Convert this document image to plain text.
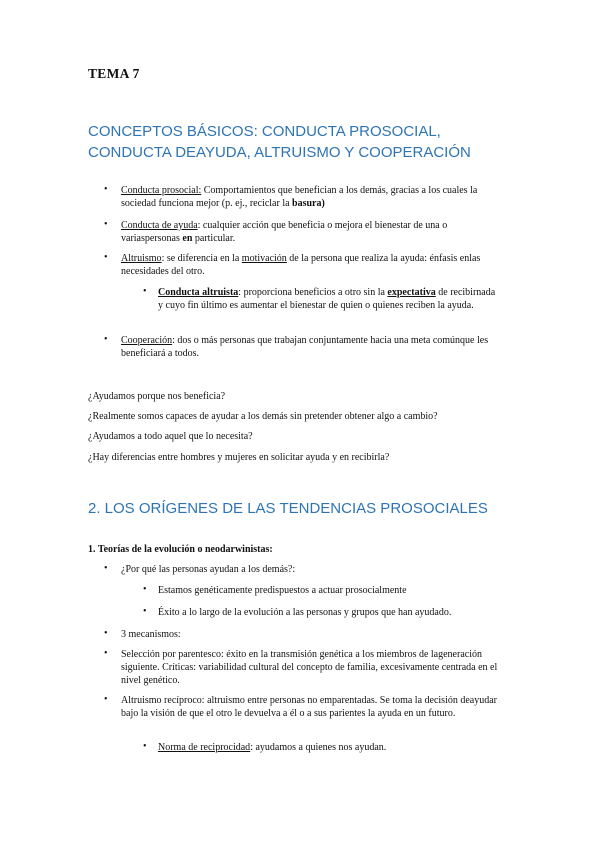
TEMA 7
CONCEPTOS BÁSICOS: CONDUCTA PROSOCIAL, CONDUCTA DEAYUDA, ALTRUISMO Y COOPERACIÓN
• Conducta prosocial: Comportamientos que benefician a los demás, gracias a los cuales la sociedad funciona mejor (p. ej., reciclar la basura)
• Conducta de ayuda: cualquier acción que beneficia o mejora el bienestar de una o variaspersonas en particular.
• Altruismo: se diferencia en la motivación de la persona que realiza la ayuda: énfasis enlas necesidades del otro.
• Conducta altruista: proporciona beneficios a otro sin la expectativa de recibirnada y cuyo fin último es aumentar el bienestar de quien o quienes reciben la ayuda.
• Cooperación: dos o más personas que trabajan conjuntamente hacia una meta comúnque les beneficiará a todos.
¿Ayudamos porque nos beneficia?
¿Realmente somos capaces de ayudar a los demás sin pretender obtener algo a cambio?
¿Ayudamos a todo aquel que lo necesita?
¿Hay diferencias entre hombres y mujeres en solicitar ayuda y en recibirla?
2. LOS ORÍGENES DE LAS TENDENCIAS PROSOCIALES
1. Teorías de la evolución o neodarwinistas:
• ¿Por qué las personas ayudan a los demás?:
• Estamos genéticamente predispuestos a actuar prosocialmente
• Éxito a lo largo de la evolución a las personas y grupos que han ayudado.
• 3 mecanismos:
• Selección por parentesco: éxito en la transmisión genética a los miembros de lageneración siguiente. Críticas: variabilidad cultural del concepto de familia, excesivamente centrada en el nivel genético.
• Altruismo recíproco: altruismo entre personas no emparentadas. Se toma la decisión deayudar bajo la visión de que el otro le devuelva a él o a sus parientes la ayuda en un futuro.
• Norma de reciprocidad: ayudamos a quienes nos ayudan.
